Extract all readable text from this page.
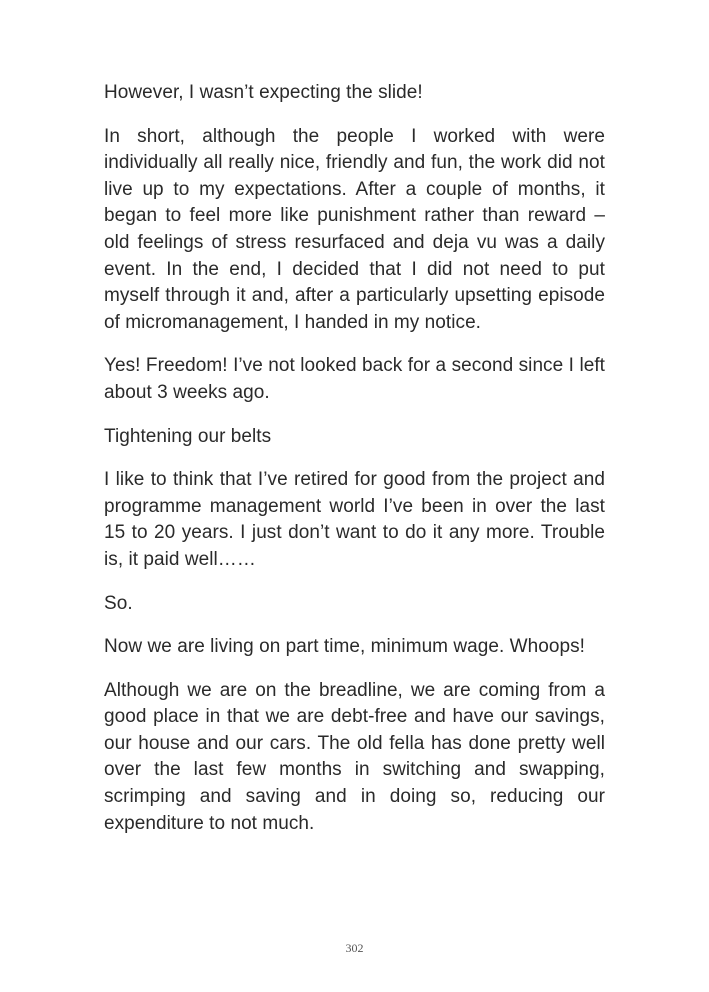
However, I wasn’t expecting the slide!

In short, although the people I worked with were individually all really nice, friendly and fun, the work did not live up to my expectations. After a couple of months, it began to feel more like punishment rather than reward – old feelings of stress resurfaced and deja vu was a daily event. In the end, I decided that I did not need to put myself through it and, after a particularly upsetting episode of micromanagement, I handed in my notice.

Yes! Freedom! I’ve not looked back for a second since I left about 3 weeks ago.

Tightening our belts

I like to think that I’ve retired for good from the project and programme management world I’ve been in over the last 15 to 20 years. I just don’t want to do it any more. Trouble is, it paid well……

So.

Now we are living on part time, minimum wage. Whoops!

Although we are on the breadline, we are coming from a good place in that we are debt-free and have our savings, our house and our cars. The old fella has done pretty well over the last few months in switching and swapping, scrimping and saving and in doing so, reducing our expenditure to not much.

302
